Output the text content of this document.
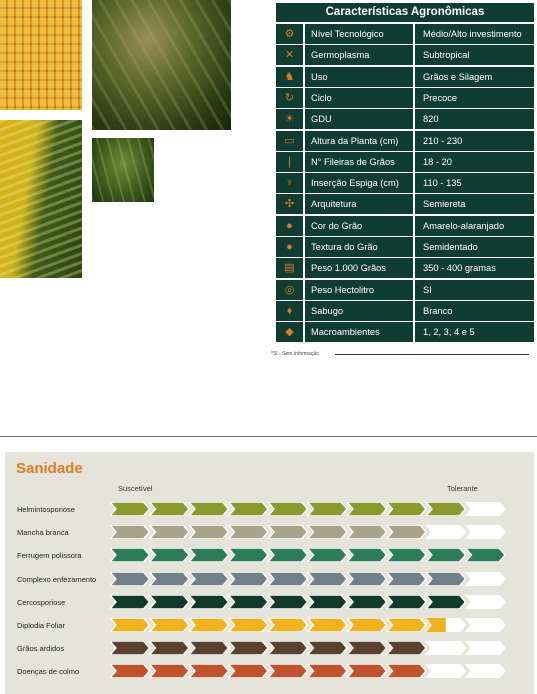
Características Agronômicas
⚙	Nível Tecnológico	Médio/Alto investimento
✕	Germoplasma	Subtropical
♞	Uso	Grãos e Silagem
↻	Ciclo	Precoce
☀	GDU	820
▭	Altura da Planta (cm)	210 - 230
❘	N° Fileiras de Grãos	18 - 20
♆	Inserção Espiga (cm)	110 - 135
✣	Arquitetura	Semiereta
●	Cor do Grão	Amarelo-alaranjado
●	Textura do Grão	Semidentado
▤	Peso 1.000 Grãos	350 - 400 gramas
◎	Peso Hectolitro	SI
♦	Sabugo	Branco
◆	Macroambientes	1, 2, 3, 4 e 5
*SI - Sem Informação
Sanidade
Suscetível	Tolerante
Helmintosporiose
Mancha branca
Ferrugem polissora
Complexo enfezamento
Cercosporiose
Diplodia Foliar
Grãos ardidos
Doenças de colmo
